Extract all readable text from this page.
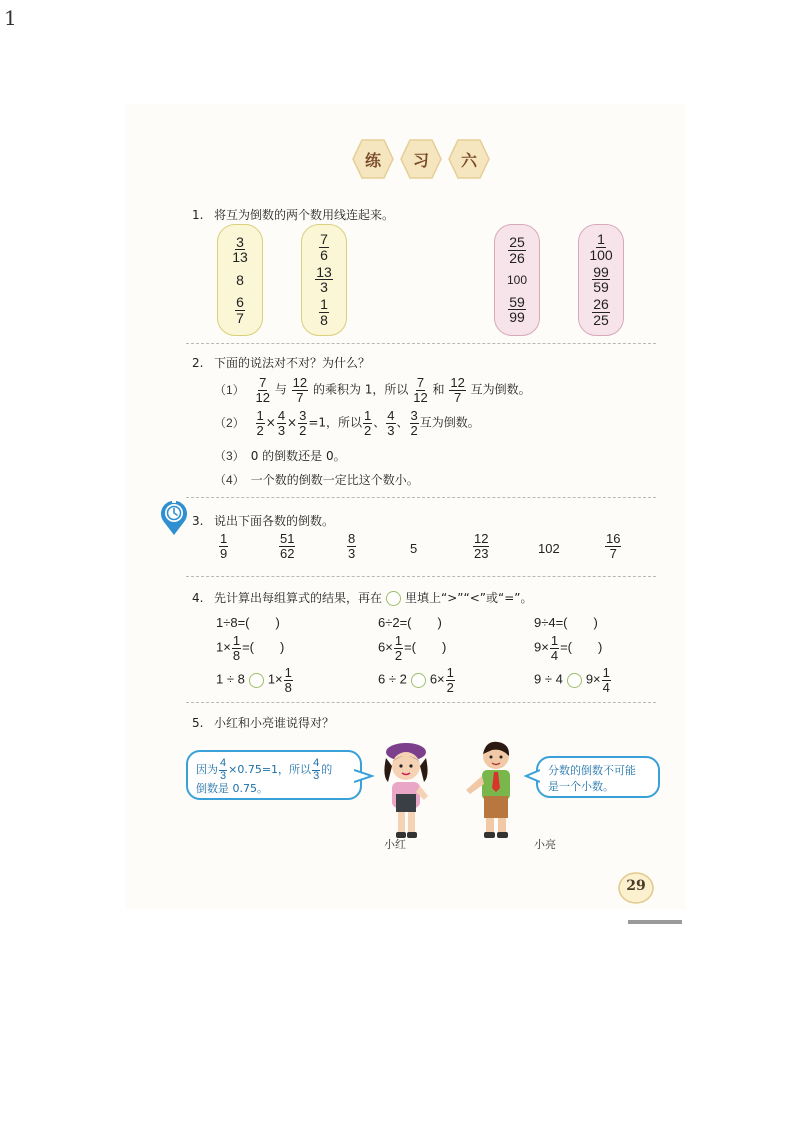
1
练 习 六
1. 将互为倒数的两个数用线连起来。
$\frac{3}{13}$
8
$\frac{6}{7}$
$\frac{7}{6}$
$\frac{13}{3}$
$\frac{1}{8}$
$\frac{25}{26}$
100
$\frac{59}{99}$
$\frac{1}{100}$
$\frac{99}{59}$
$\frac{26}{25}$
2. 下面的说法对不对？为什么？
$(1) \frac{7}{12}$ 与 $\frac{12}{7}$ 的乘积为 1，所以 $\frac{7}{12}$ 和 $\frac{12}{7}$ 互为倒数。
$(2) \frac{1}{2} \times \frac{4}{3} \times \frac{3}{2} =1$，所以 $\frac{1}{2}$ 、 $\frac{4}{3}$ 、 $\frac{3}{2}$ 互为倒数。
（3） 0 的倒数还是 0。
（4） 一个数的倒数一定比这个数小。
3. 说出下面各数的倒数。
$\frac{1}{9}$	$\frac{51}{62}$	$\frac{8}{3}$	5	$\frac{12}{23}$	102	$\frac{16}{7}$
4. 先计算出每组算式的结果，再在 里填上“>”“<”或“=”。
1÷8=(　　)	6÷2=(　　)	9÷4=(　　)
$1\times \frac{1}{8}$ =(　　)	$6\times \frac{1}{2}$ =(　　)	$9\times \frac{1}{4}$ =(　　)
1 ÷ 8 $1\times \frac{1}{8}$	6 ÷ 2 $6\times \frac{1}{2}$	9 ÷ 4 $9\times \frac{1}{4}$
5. 小红和小亮谁说得对？
因为 $\frac{4}{3} \times 0.75=1$，所以 $\frac{4}{3}$ 的
倒数是 0.75。
分数的倒数不可能
是一个小数。
小红	小亮
29
